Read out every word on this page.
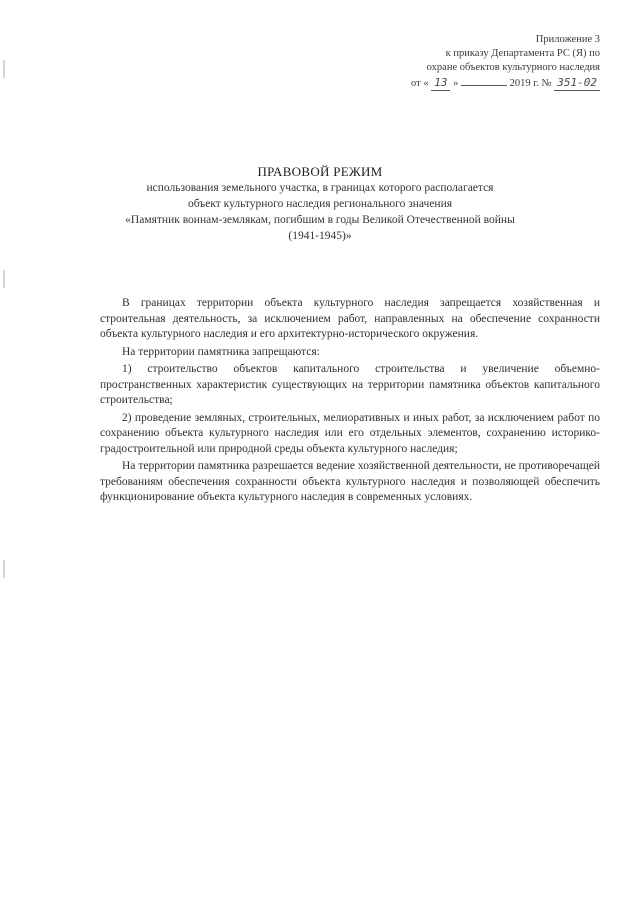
Приложение 3
к приказу Департамента РС (Я) по
охране объектов культурного наследия
от « 13 »	2019 г. № 351-02
ПРАВОВОЙ РЕЖИМ
использования земельного участка, в границах которого располагается
объект культурного наследия регионального значения
«Памятник воинам-землякам, погибшим в годы Великой Отечественной войны
(1941-1945)»

В границах территории объекта культурного наследия запрещается хозяйственная и строительная деятельность, за исключением работ, направленных на обеспечение сохранности объекта культурного наследия и его архитектурно-исторического окружения.

На территории памятника запрещаются:

1) строительство объектов капитального строительства и увеличение объемно-пространственных характеристик существующих на территории памятника объектов капитального строительства;

2) проведение земляных, строительных, мелиоративных и иных работ, за исключением работ по сохранению объекта культурного наследия или его отдельных элементов, сохранению историко-градостроительной или природной среды объекта культурного наследия;

На территории памятника разрешается ведение хозяйственной деятельности, не противоречащей требованиям обеспечения сохранности объекта культурного наследия и позволяющей обеспечить функционирование объекта культурного наследия в современных условиях.
